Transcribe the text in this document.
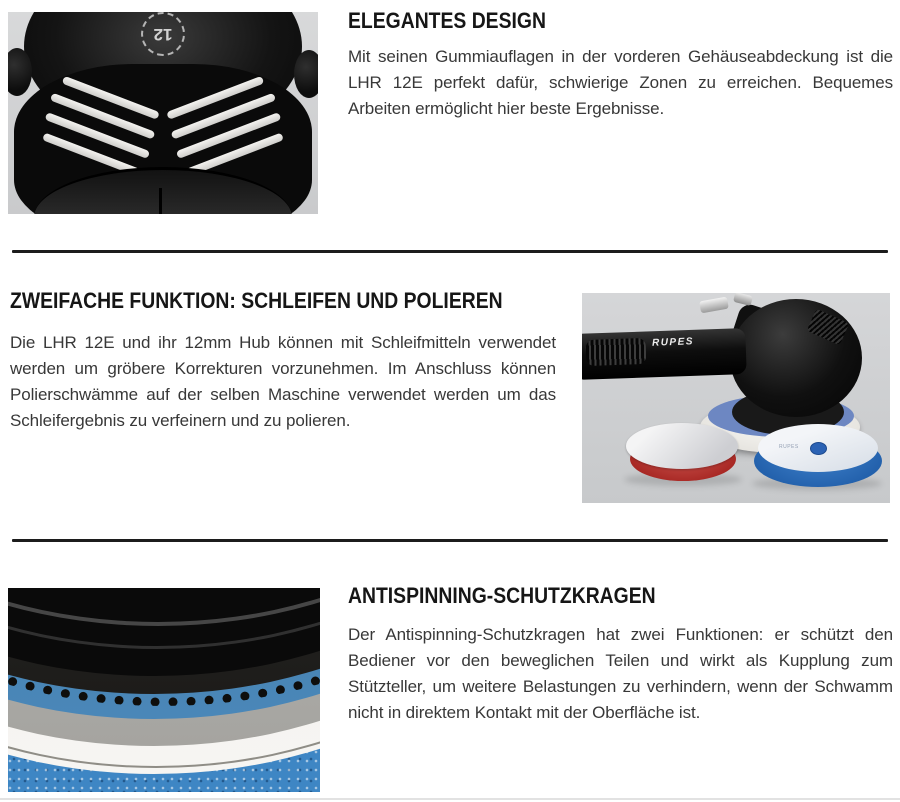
12
ELEGANTES DESIGN

Mit seinen Gummiauflagen in der vorderen Gehäuseabdeckung ist die LHR 12E perfekt dafür, schwierige Zonen zu erreichen. Bequemes Arbeiten ermöglicht hier beste Ergebnisse.

ZWEIFACHE FUNKTION: SCHLEIFEN UND POLIEREN

Die LHR 12E und ihr 12mm Hub können mit Schleifmitteln verwendet werden um gröbere Korrekturen vorzunehmen. Im Anschluss können Polierschwämme auf der selben Maschine verwendet werden um das Schleifergebnis zu verfeinern und zu polieren.

RUPES
RUPES
ANTISPINNING-SCHUTZKRAGEN

Der Antispinning-Schutzkragen hat zwei Funktionen: er schützt den Bediener vor den beweglichen Teilen und wirkt als Kupplung zum Stützteller, um weitere Belastungen zu verhindern, wenn der Schwamm nicht in direktem Kontakt mit der Oberfläche ist.
